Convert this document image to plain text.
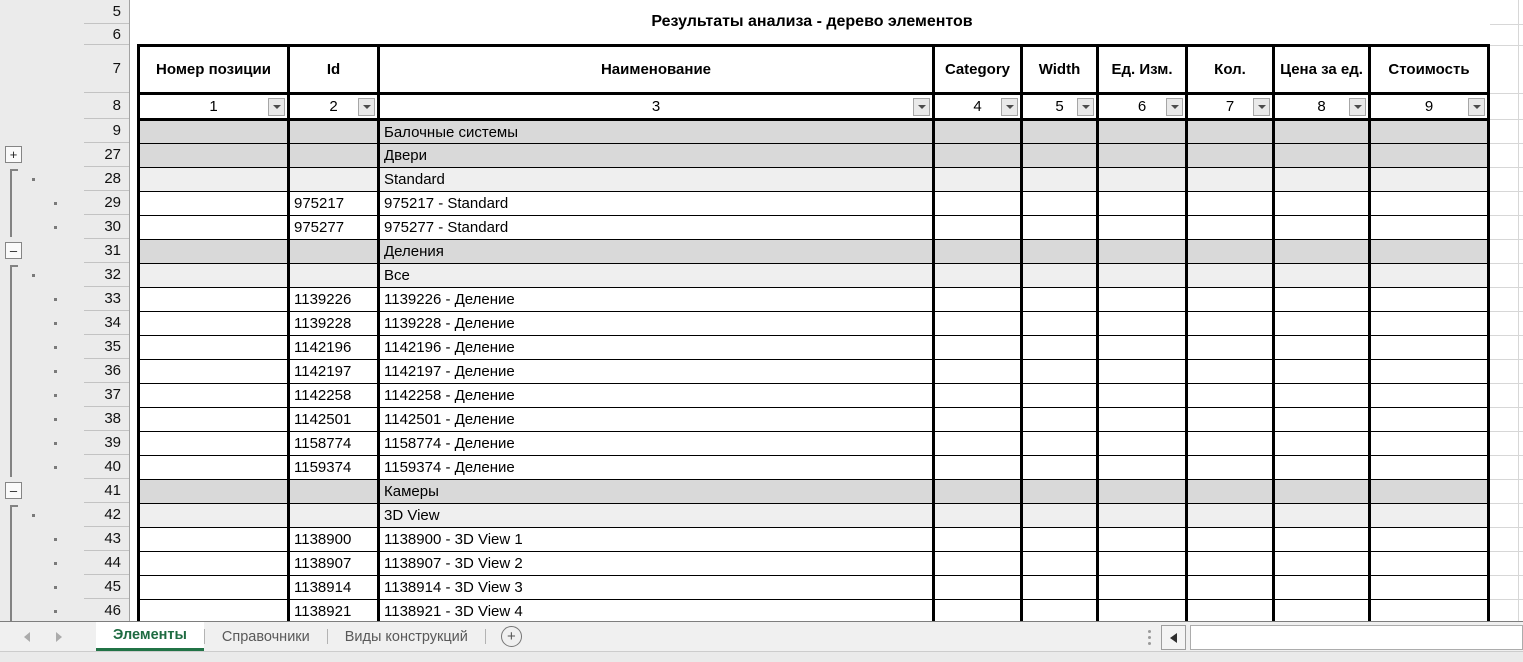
+
–
–
5
6
7
8
9
27
28
29
30
31
32
33
34
35
36
37
38
39
40
41
42
43
44
45
46
Результаты анализа - дерево элементов
Номер позиции	Id	Наименование	Category	Width	Ед. Изм.	Кол.	Цена за ед.	Стоимость

1	2	3	4	5	6	7	8	9

		Балочные системы						
		Двери						
		Standard						
	975217	975217 - Standard						
	975277	975277 - Standard						
		Деления						
		Все						
	1139226	1139226 - Деление						
	1139228	1139228 - Деление						
	1142196	1142196 - Деление						
	1142197	1142197 - Деление						
	1142258	1142258 - Деление						
	1142501	1142501 - Деление						
	1158774	1158774 - Деление						
	1159374	1159374 - Деление						
		Камеры						
		3D View						
	1138900	1138900 - 3D View 1						
	1138907	1138907 - 3D View 2						
	1138914	1138914 - 3D View 3						
	1138921	1138921 - 3D View 4						
Элементы Справочники Виды конструкций	+
